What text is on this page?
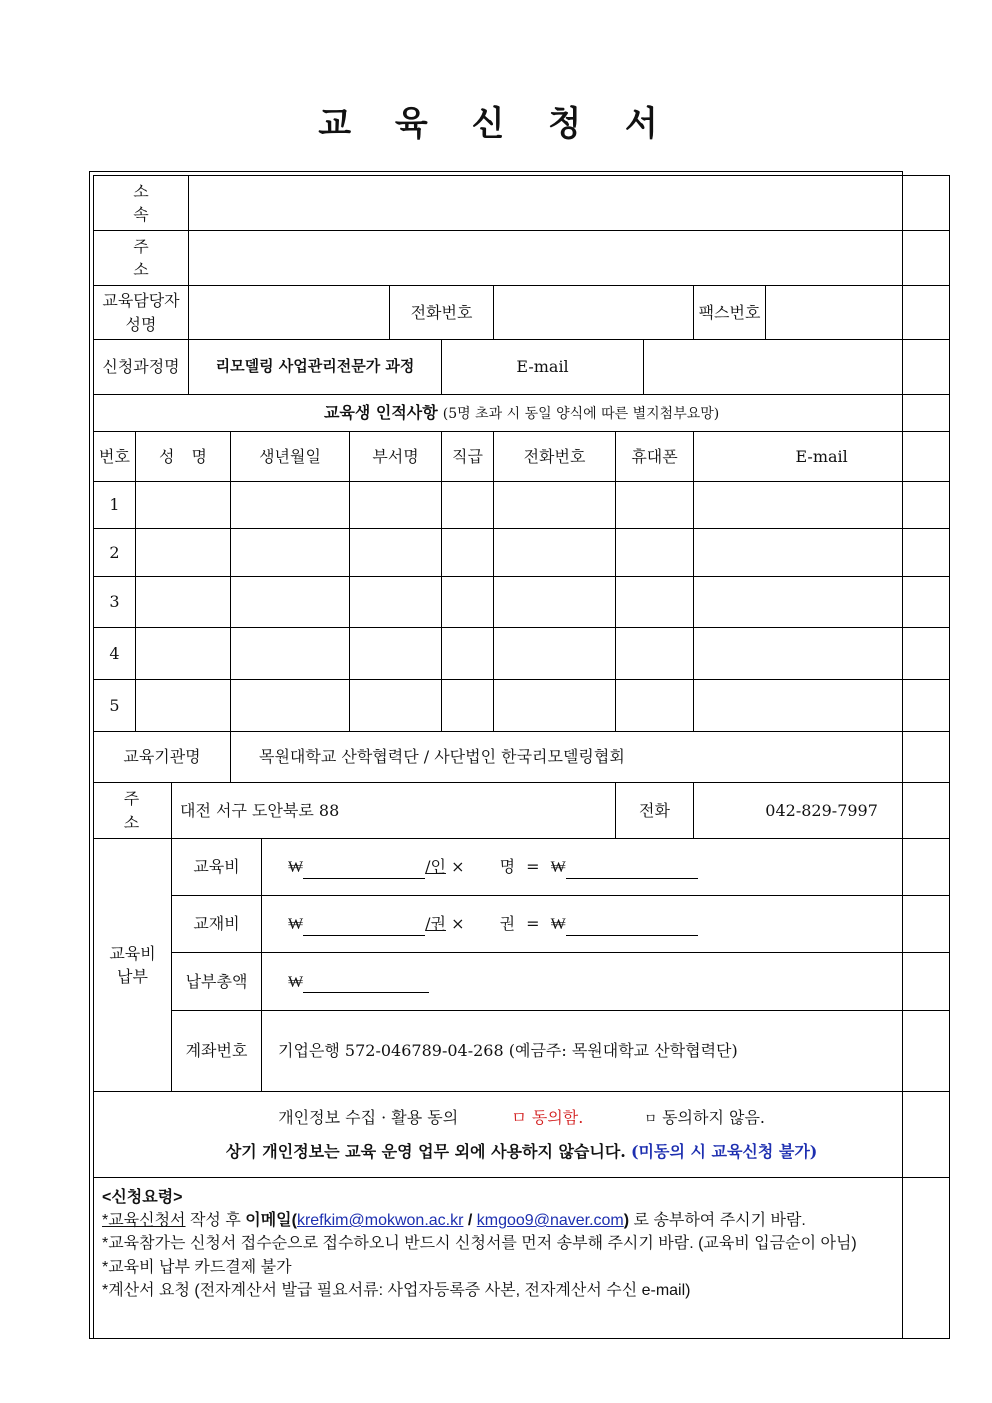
교 육 신 청 서
소 속													
주 소													

교육담당자
성명							전화번호					팩스번호	
신청과정명			리모델링 사업관리전문가 과정					E-mail					
교육생 인적사항 (5명 초과 시 동일 양식에 따른 별지첨부요망)													
번호	성 명			생년월일		부서명		직급	전화번호	휴대폰		E-mail	
1													
2													
3													
4													
5													
교육기관명				목원대학교 산학협력단 / 사단법인 한국리모델링협회									
주 소		대전 서구 도안북로 88								전화		042-829-7997	

교육비
납부		교육비			₩ /인 × 명 = ₩								
		교재비			₩ /권 × 권 = ₩								
		납부총액			₩								
		계좌번호			기업은행 572-046789-04-268 (예금주: 목원대학교 산학협력단)								

개인정보 수집 · 활용 동의 ㅁ 동의함. ㅁ 동의하지 않음.
상기 개인정보는 교육 운영 업무 외에 사용하지 않습니다. (미동의 시 교육신청 불가)													

<신청요령>
*교육신청서 작성 후 이메일(krefkim@mokwon.ac.kr / kmgoo9@naver.com) 로 송부하여 주시기 바람.
*교육참가는 신청서 접수순으로 접수하오니 반드시 신청서를 먼저 송부해 주시기 바람. (교육비 입금순이 아님)
*교육비 납부 카드결제 불가
*계산서 요청 (전자계산서 발급 필요서류: 사업자등록증 사본, 전자계산서 수신 e-mail)													
